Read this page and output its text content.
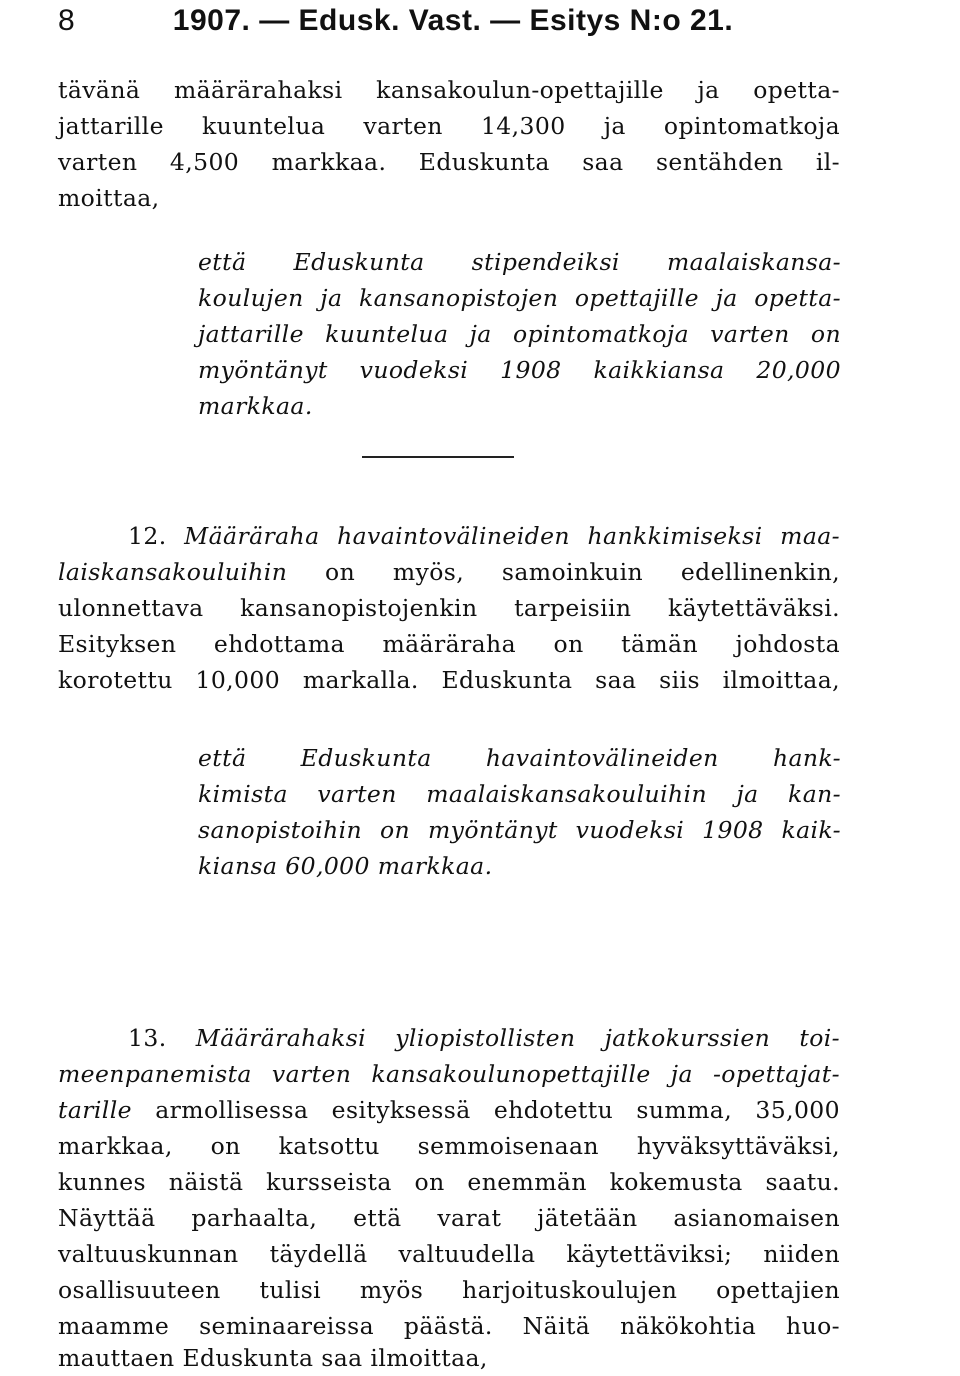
8	1907. — Edusk. Vast. — Esitys N:o 21.
tävänä määrärahaksi kansakoulun-opettajille ja opetta-
jattarille kuuntelua varten 14,300 ja opintomatkoja
varten 4,500 markkaa. Eduskunta saa sentähden il-
moittaa,
että Eduskunta stipendeiksi maalaiskansa-
koulujen ja kansanopistojen opettajille ja opetta-
jattarille kuuntelua ja opintomatkoja varten on
myöntänyt vuodeksi 1908 kaikkiansa 20,000
markkaa.
12. Määräraha havaintovälineiden hankkimiseksi maa-
laiskansakouluihin on myös, samoinkuin edellinenkin,
ulonnettava kansanopistojenkin tarpeisiin käytettäväksi.
Esityksen ehdottama määräraha on tämän johdosta
korotettu 10,000 markalla. Eduskunta saa siis ilmoittaa,
että Eduskunta havaintovälineiden hank-
kimista varten maalaiskansakouluihin ja kan-
sanopistoihin on myöntänyt vuodeksi 1908 kaik-
kiansa 60,000 markkaa.
13. Määrärahaksi yliopistollisten jatkokurssien toi-
meenpanemista varten kansakoulunopettajille ja -opettajat-
tarille armollisessa esityksessä ehdotettu summa, 35,000
markkaa, on katsottu semmoisenaan hyväksyttäväksi,
kunnes näistä kursseista on enemmän kokemusta saatu.
Näyttää parhaalta, että varat jätetään asianomaisen
valtuuskunnan täydellä valtuudella käytettäviksi; niiden
osallisuuteen tulisi myös harjoituskoulujen opettajien
maamme seminaareissa päästä. Näitä näkökohtia huo-
mauttaen Eduskunta saa ilmoittaa,
